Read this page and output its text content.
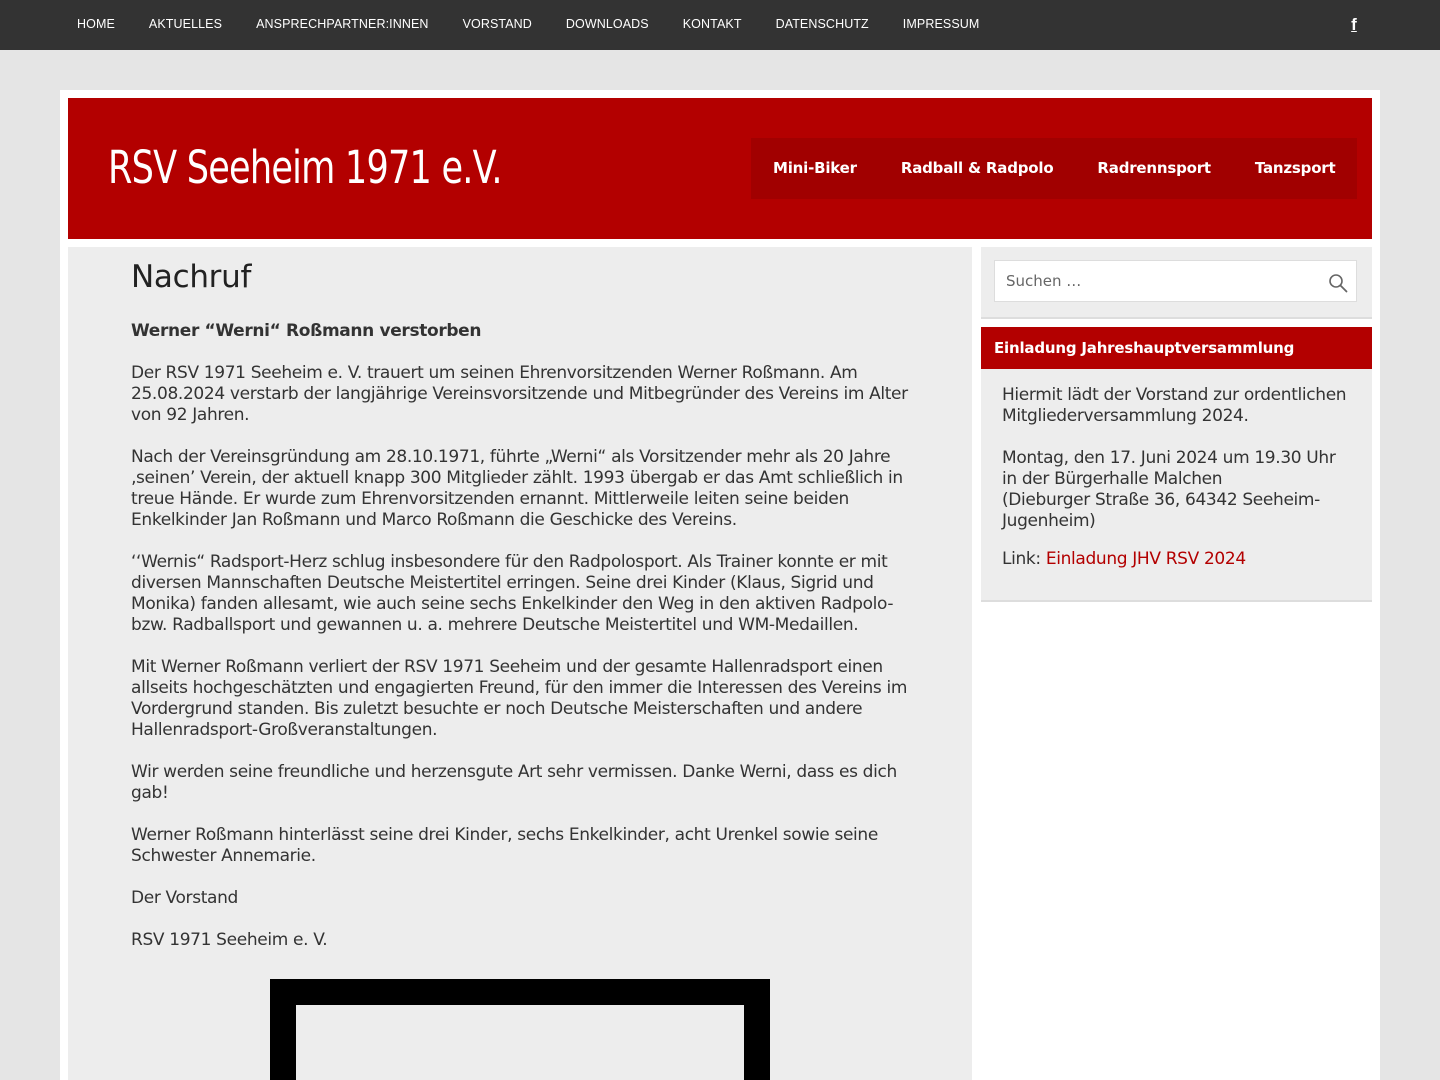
HOME	AKTUELLES	ANSPRECHPARTNER:INNEN	VORSTAND	DOWNLOADS	KONTAKT	DATENSCHUTZ	IMPRESSUM	f
RSV Seeheim 1971 e.V.	Mini-Biker	Radball & Radpolo	Radrennsport	Tanzsport
Nachruf

Werner “Werni“ Roßmann verstorben

Der RSV 1971 Seeheim e. V. trauert um seinen Ehrenvorsitzenden Werner Roßmann. Am 25.08.2024 verstarb der langjährige Vereinsvorsitzende und Mitbegründer des Vereins im Alter von 92 Jahren.

Nach der Vereinsgründung am 28.10.1971, führte „Werni“ als Vorsitzender mehr als 20 Jahre ‚seinen’ Verein, der aktuell knapp 300 Mitglieder zählt. 1993 übergab er das Amt schließlich in treue Hände. Er wurde zum Ehrenvorsitzenden ernannt. Mittlerweile leiten seine beiden Enkelkinder Jan Roßmann und Marco Roßmann die Geschicke des Vereins.

‘‘Wernis“ Radsport-Herz schlug insbesondere für den Radpolosport. Als Trainer konnte er mit diversen Mannschaften Deutsche Meistertitel erringen. Seine drei Kinder (Klaus, Sigrid und Monika) fanden allesamt, wie auch seine sechs Enkelkinder den Weg in den aktiven Radpolo- bzw. Radballsport und gewannen u. a. mehrere Deutsche Meistertitel und WM-Medaillen.

Mit Werner Roßmann verliert der RSV 1971 Seeheim und der gesamte Hallenradsport einen allseits hochgeschätzten und engagierten Freund, für den immer die Interessen des Vereins im Vordergrund standen. Bis zuletzt besuchte er noch Deutsche Meisterschaften und andere Hallenradsport-Großveranstaltungen.

Wir werden seine freundliche und herzensgute Art sehr vermissen. Danke Werni, dass es dich gab!

Werner Roßmann hinterlässt seine drei Kinder, sechs Enkelkinder, acht Urenkel sowie seine Schwester Annemarie.

Der Vorstand

RSV 1971 Seeheim e. V.

Suchen …
Einladung Jahreshauptversammlung

Hiermit lädt der Vorstand zur ordentlichen Mitgliederversammlung 2024.

Montag, den 17. Juni 2024 um 19.30 Uhr
in der Bürgerhalle Malchen
(Dieburger Straße 36, 64342 Seeheim-Jugenheim)

Link: Einladung JHV RSV 2024
